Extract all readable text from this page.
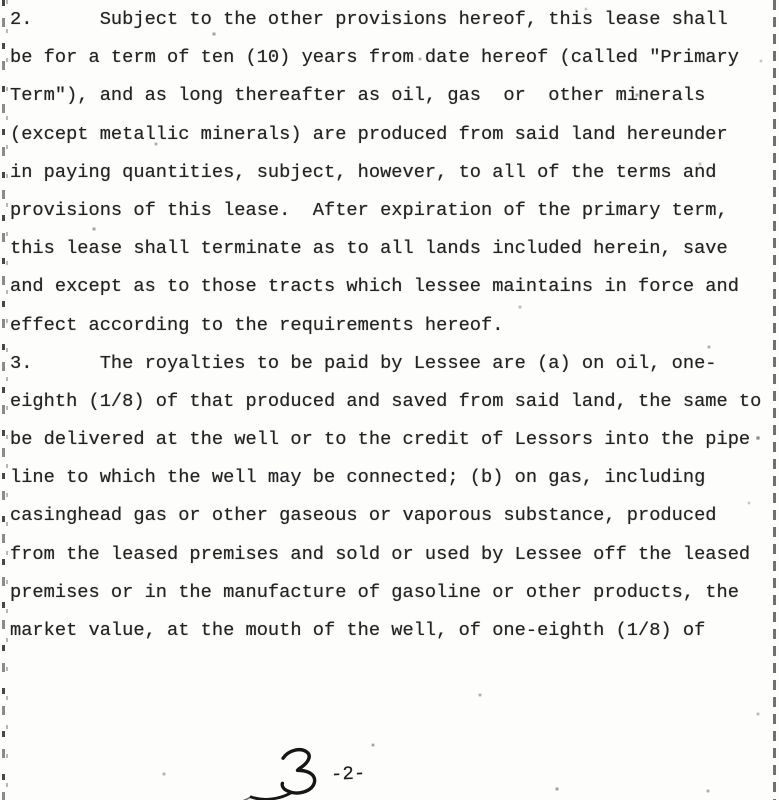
2.      Subject to the other provisions hereof, this lease shall
be for a term of ten (10) years from date hereof (called "Primary
Term"), and as long thereafter as oil, gas  or  other minerals
(except metallic minerals) are produced from said land hereunder
in paying quantities, subject, however, to all of the terms and
provisions of this lease.  After expiration of the primary term,
this lease shall terminate as to all lands included herein, save
and except as to those tracts which lessee maintains in force and
effect according to the requirements hereof.
3.      The royalties to be paid by Lessee are (a) on oil, one-
eighth (1/8) of that produced and saved from said land, the same to
be delivered at the well or to the credit of Lessors into the pipe
line to which the well may be connected; (b) on gas, including
casinghead gas or other gaseous or vaporous substance, produced
from the leased premises and sold or used by Lessee off the leased
premises or in the manufacture of gasoline or other products, the
market value, at the mouth of the well, of one-eighth (1/8) of
-2-
